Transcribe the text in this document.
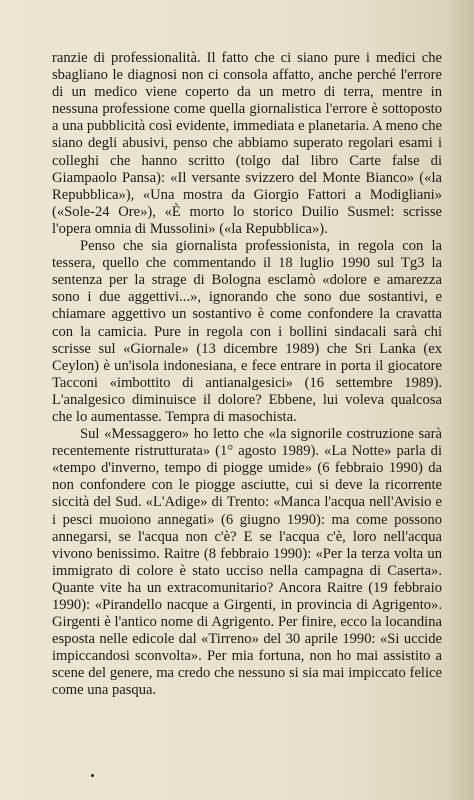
ranzie di professionalità. Il fatto che ci siano pure i medici che sbagliano le diagnosi non ci consola affatto, anche perché l'errore di un medico viene coperto da un metro di terra, mentre in nessuna professione come quella giornalistica l'errore è sottoposto a una pubblicità così evidente, immediata e planetaria. A meno che siano degli abusivi, penso che abbiamo superato regolari esami i colleghi che hanno scritto (tolgo dal libro Carte false di Giampaolo Pansa): «Il versante svizzero del Monte Bianco» («la Repubblica»), «Una mostra da Giorgio Fattori a Modigliani» («Sole-24 Ore»), «È morto lo storico Duilio Susmel: scrisse l'opera omnia di Mussolini» («la Repubblica»).

Penso che sia giornalista professionista, in regola con la tessera, quello che commentando il 18 luglio 1990 sul Tg3 la sentenza per la strage di Bologna esclamò «dolore e amarezza sono i due aggettivi...», ignorando che sono due sostantivi, e chiamare aggettivo un sostantivo è come confondere la cravatta con la camicia. Pure in regola con i bollini sindacali sarà chi scrisse sul «Giornale» (13 dicembre 1989) che Sri Lanka (ex Ceylon) è un'isola indonesiana, e fece entrare in porta il giocatore Tacconi «imbottito di antianalgesici» (16 settembre 1989). L'analgesico diminuisce il dolore? Ebbene, lui voleva qualcosa che lo aumentasse. Tempra di masochista.

Sul «Messaggero» ho letto che «la signorile costruzione sarà recentemente ristrutturata» (1° agosto 1989). «La Notte» parla di «tempo d'inverno, tempo di piogge umide» (6 febbraio 1990) da non confondere con le piogge asciutte, cui si deve la ricorrente siccità del Sud. «L'Adige» di Trento: «Manca l'acqua nell'Avisio e i pesci muoiono annegati» (6 giugno 1990): ma come possono annegarsi, se l'acqua non c'è? E se l'acqua c'è, loro nell'acqua vivono benissimo. Raitre (8 febbraio 1990): «Per la terza volta un immigrato di colore è stato ucciso nella campagna di Caserta». Quante vite ha un extracomunitario? Ancora Raitre (19 febbraio 1990): «Pirandello nacque a Girgenti, in provincia di Agrigento». Girgenti è l'antico nome di Agrigento. Per finire, ecco la locandina esposta nelle edicole dal «Tirreno» del 30 aprile 1990: «Si uccide impiccandosi sconvolta». Per mia fortuna, non ho mai assistito a scene del genere, ma credo che nessuno si sia mai impiccato felice come una pasqua.
